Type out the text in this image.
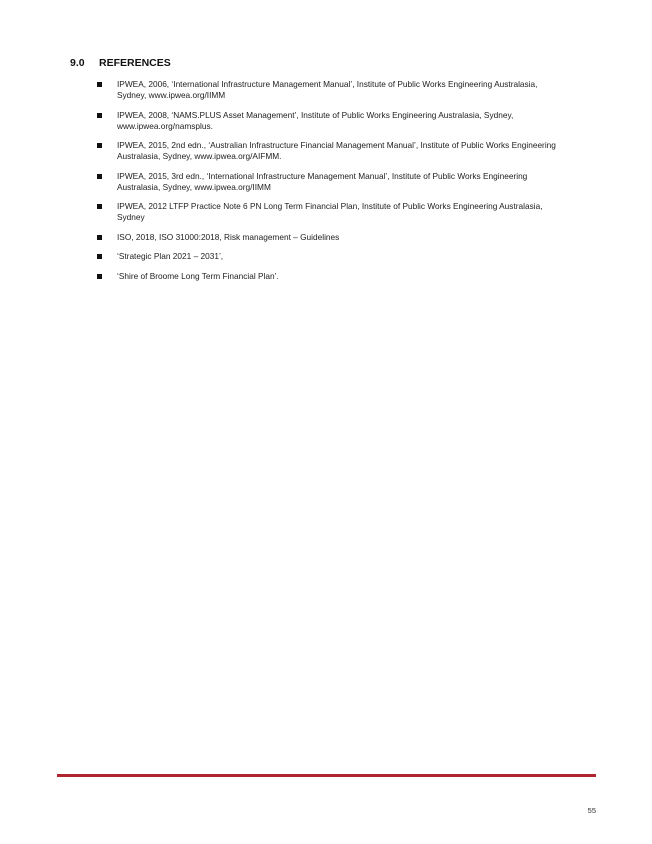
9.0	REFERENCES
IPWEA, 2006, ‘International Infrastructure Management Manual’, Institute of Public Works Engineering Australasia, Sydney, www.ipwea.org/IIMM
IPWEA, 2008, ‘NAMS.PLUS Asset Management’, Institute of Public Works Engineering Australasia, Sydney, www.ipwea.org/namsplus.
IPWEA, 2015, 2nd edn., ‘Australian Infrastructure Financial Management Manual’, Institute of Public Works Engineering Australasia, Sydney, www.ipwea.org/AIFMM.
IPWEA, 2015, 3rd edn., ‘International Infrastructure Management Manual’, Institute of Public Works Engineering Australasia, Sydney, www.ipwea.org/IIMM
IPWEA, 2012 LTFP Practice Note 6 PN Long Term Financial Plan, Institute of Public Works Engineering Australasia, Sydney
ISO, 2018, ISO 31000:2018, Risk management – Guidelines
‘Strategic Plan 2021 – 2031’,
‘Shire of Broome Long Term Financial Plan’.
55
